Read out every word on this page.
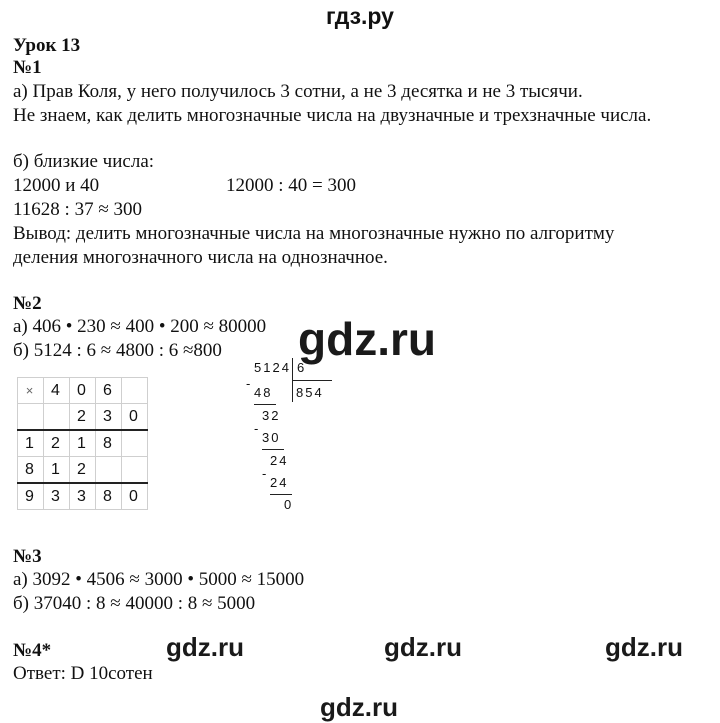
гдз.ру
Урок 13
№1
а) Прав Коля, у него получилось 3 сотни, а не 3 десятка и не 3 тысячи.
Не знаем, как делить многозначные числа на двузначные и трехзначные числа.
б) близкие числа:
12000 и 40	12000 : 40 = 300
11628 : 37 ≈ 300
Вывод: делить многозначные числа на многозначные нужно по алгоритму
деления многозначного числа на однозначное.
№2
а) 406 • 230 ≈ 400 • 200 ≈ 80000
б) 5124 : 6 ≈ 4800 : 6 ≈800
×	4	0	6	
		2	3	0
1	2	1	8	
8	1	2		
9	3	3	8	0
5124 6
854
-
48
32
-
30
24
-
24
0
№3
а) 3092 • 4506 ≈ 3000 • 5000 ≈ 15000
б) 37040 : 8 ≈ 40000 : 8 ≈ 5000
№4*
Ответ: D 10сотен
gdz.ru
gdz.ru	gdz.ru	gdz.ru
gdz.ru
